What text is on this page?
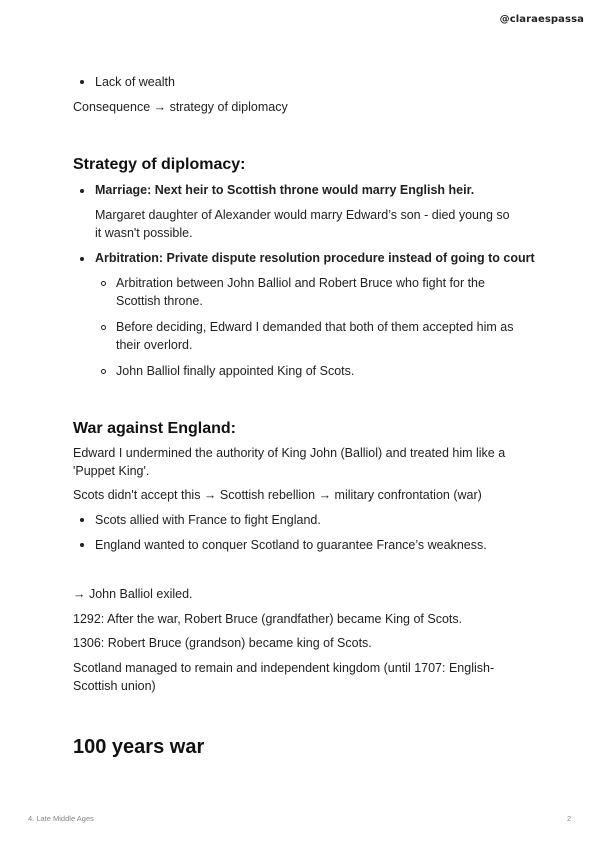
@claraespassa
Lack of wealth
Consequence → strategy of diplomacy
Strategy of diplomacy:
Marriage: Next heir to Scottish throne would marry English heir.
Margaret daughter of Alexander would marry Edward’s son - died young so
it wasn't possible.
Arbitration: Private dispute resolution procedure instead of going to court
Arbitration between John Balliol and Robert Bruce who fight for the
Scottish throne.
Before deciding, Edward I demanded that both of them accepted him as
their overlord.
John Balliol finally appointed King of Scots.
War against England:
Edward I undermined the authority of King John (Balliol) and treated him like a
'Puppet King'.
Scots didn't accept this → Scottish rebellion → military confrontation (war)
Scots allied with France to fight England.
England wanted to conquer Scotland to guarantee France’s weakness.
→ John Balliol exiled.
1292: After the war, Robert Bruce (grandfather) became King of Scots.
1306: Robert Bruce (grandson) became king of Scots.
Scotland managed to remain and independent kingdom (until 1707: English-
Scottish union)
100 years war
4. Late Middle Ages	2
